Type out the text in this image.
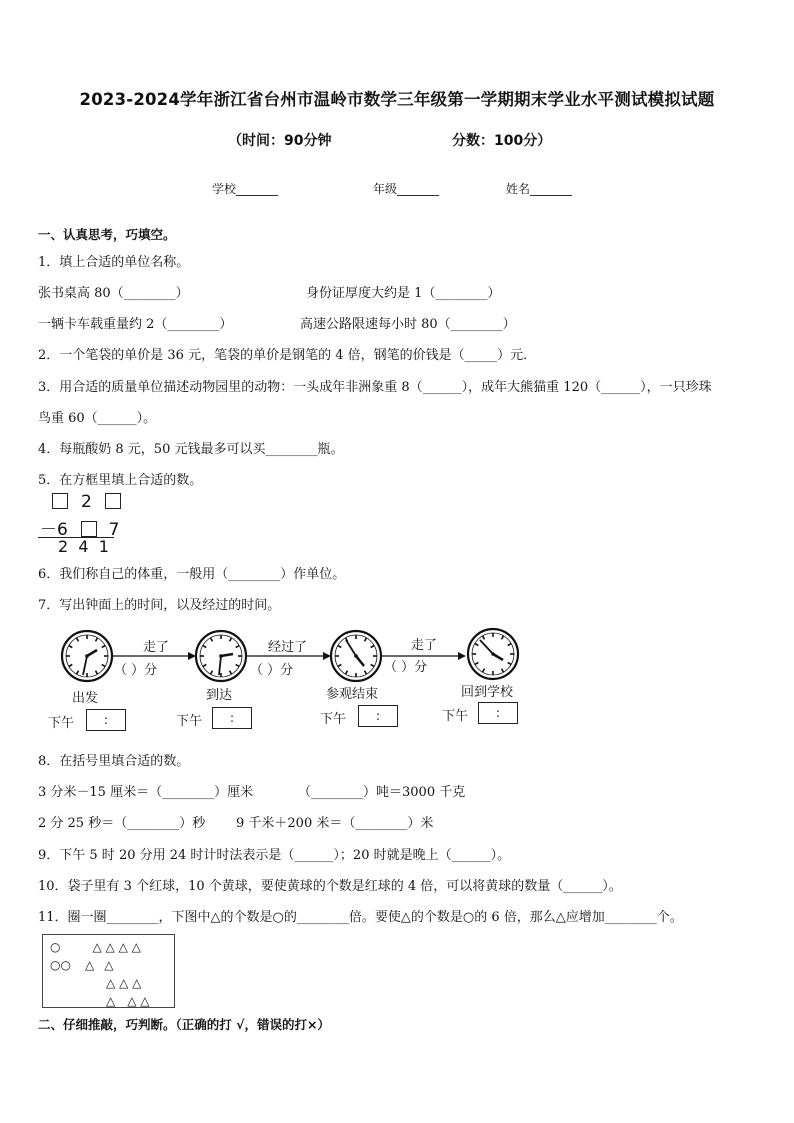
2023-2024学年浙江省台州市温岭市数学三年级第一学期期末学业水平测试模拟试题
（时间：90分钟	分数：100分）
学校_______	年级_______	姓名_______
一、认真思考，巧填空。
1．填上合适的单位名称。
张书桌高 80（________）	身份证厚度大约是 1（________）
一辆卡车载重量约 2（________）	高速公路限速每小时 80（________）
2．一个笔袋的单价是 36 元，笔袋的单价是钢笔的 4 倍，钢笔的价钱是（_____）元．
3．用合适的质量单位描述动物园里的动物：一头成年非洲象重 8（______），成年大熊猫重 120（______），一只珍珠
鸟重 60（______）。
4．每瓶酸奶 8 元，50 元钱最多可以买________瓶。
5．在方框里填上合适的数。
2
－6 7
2  4  1
6．我们称自己的体重，一般用（________）作单位。
7．写出钟面上的时间，以及经过的时间。
走了
（ ）分
经过了
（ ）分
走了
（ ）分
出发	到达	参观结束	回到学校
下午	:	下午	:	下午	:	下午	:
8．在括号里填合适的数。
3 分米－15 厘米＝（________）厘米	（________）吨＝3000 千克
2 分 25 秒＝（________）秒 9 千米＋200 米＝（________）米
9．下午 5 时 20 分用 24 时计时法表示是（______）；20 时就是晚上（______）。
10．袋子里有 3 个红球，10 个黄球，要使黄球的个数是红球的 4 倍，可以将黄球的数量（______）。
11．圈一圈________，下图中△的个数是○的________倍。要使△的个数是○的 6 倍，那么△应增加________个。
○	△ △ △ △
○○ △ △
△ △ △
△ △ △
二、仔细推敲，巧判断。（正确的打 √，错误的打×）
